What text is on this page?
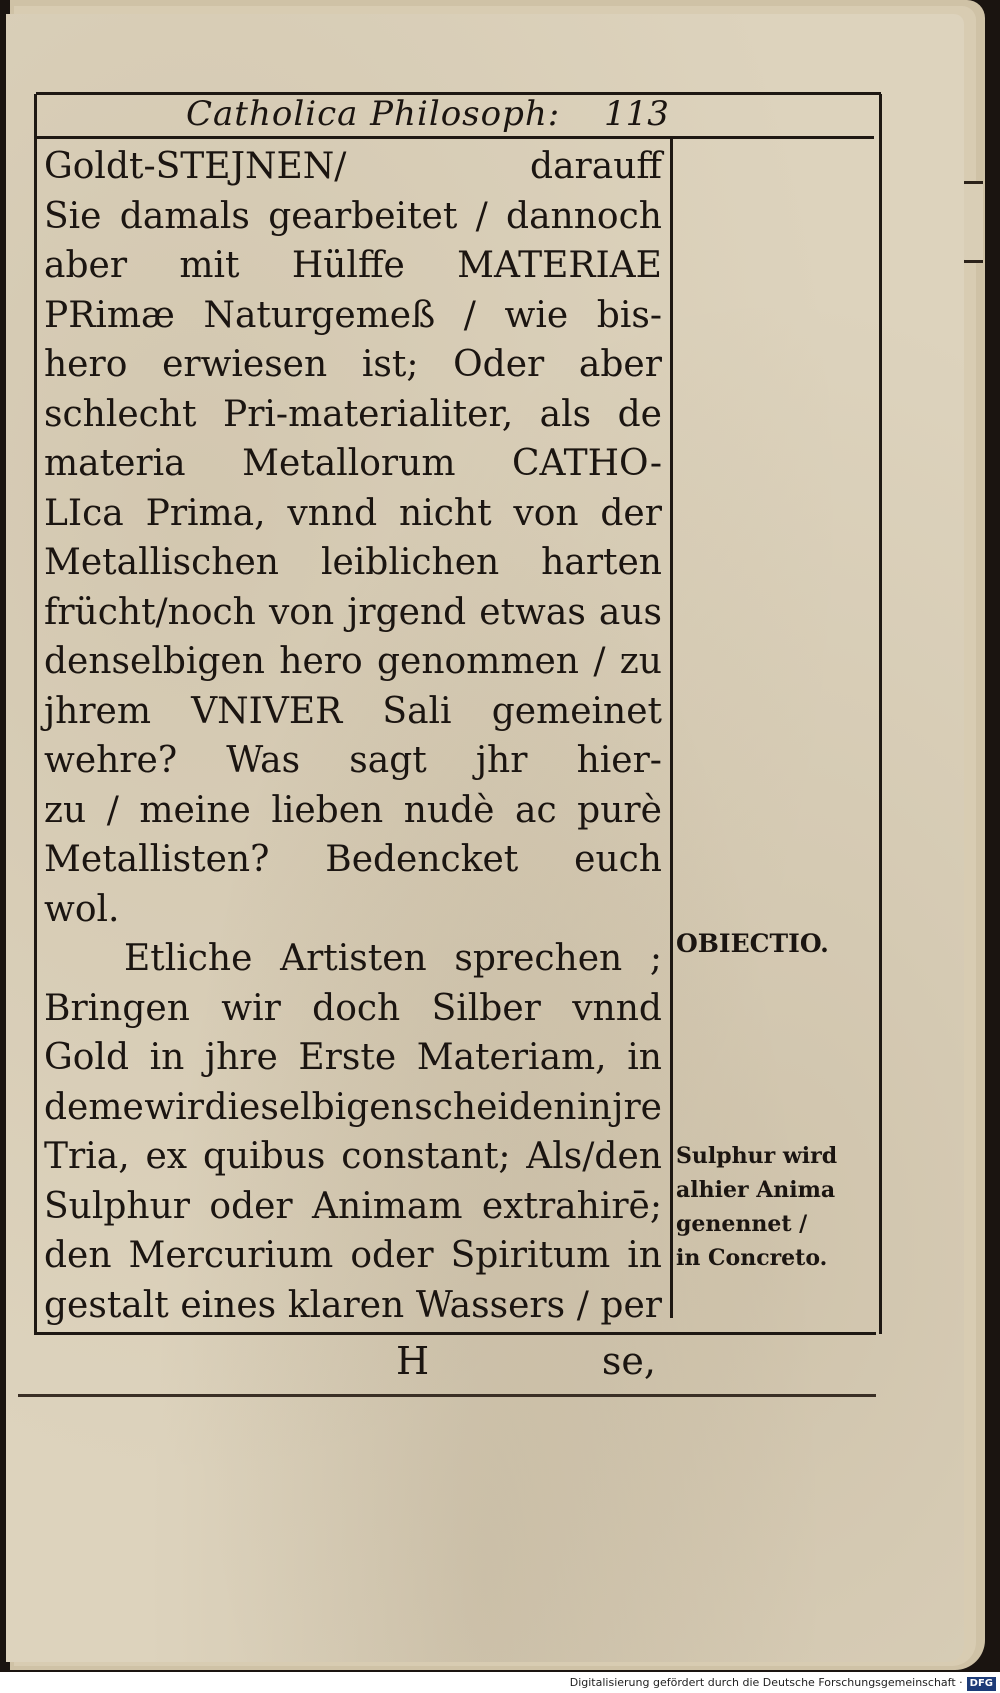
Catholica Philosoph:	113
Goldt-STEJNEN/	darauff
Sie damals gearbeitet / dannoch
aber mit Hülffe MATERIAE
PRimæ Naturgemeß / wie bis-
hero erwiesen ist; Oder aber
schlecht Pri-materialiter, als de
materia Metallorum CATHO-
LIca Prima, vnnd nicht von der
Metallischen leiblichen harten
frücht/noch von jrgend etwas aus
denselbigen hero genommen / zu
jhrem VNIVER Sali gemeinet
wehre? Was sagt jhr hier-
zu / meine lieben nudè ac purè
Metallisten? Bedencket euch
wol.
Etliche Artisten sprechen ;
Bringen wir doch Silber vnnd
Gold in jhre Erste Materiam, in
deme wir dieselbigen scheiden in jre
Tria, ex quibus constant; Als/den
Sulphur oder Animam extrahirē;
den Mercurium oder Spiritum in
gestalt eines klaren Wassers / per
OBIECTIO.
Sulphur wird
alhier Anima
genennet /
in Concreto.
H	se,
Digitalisierung gefördert durch die Deutsche Forschungsgemeinschaft · DFG
